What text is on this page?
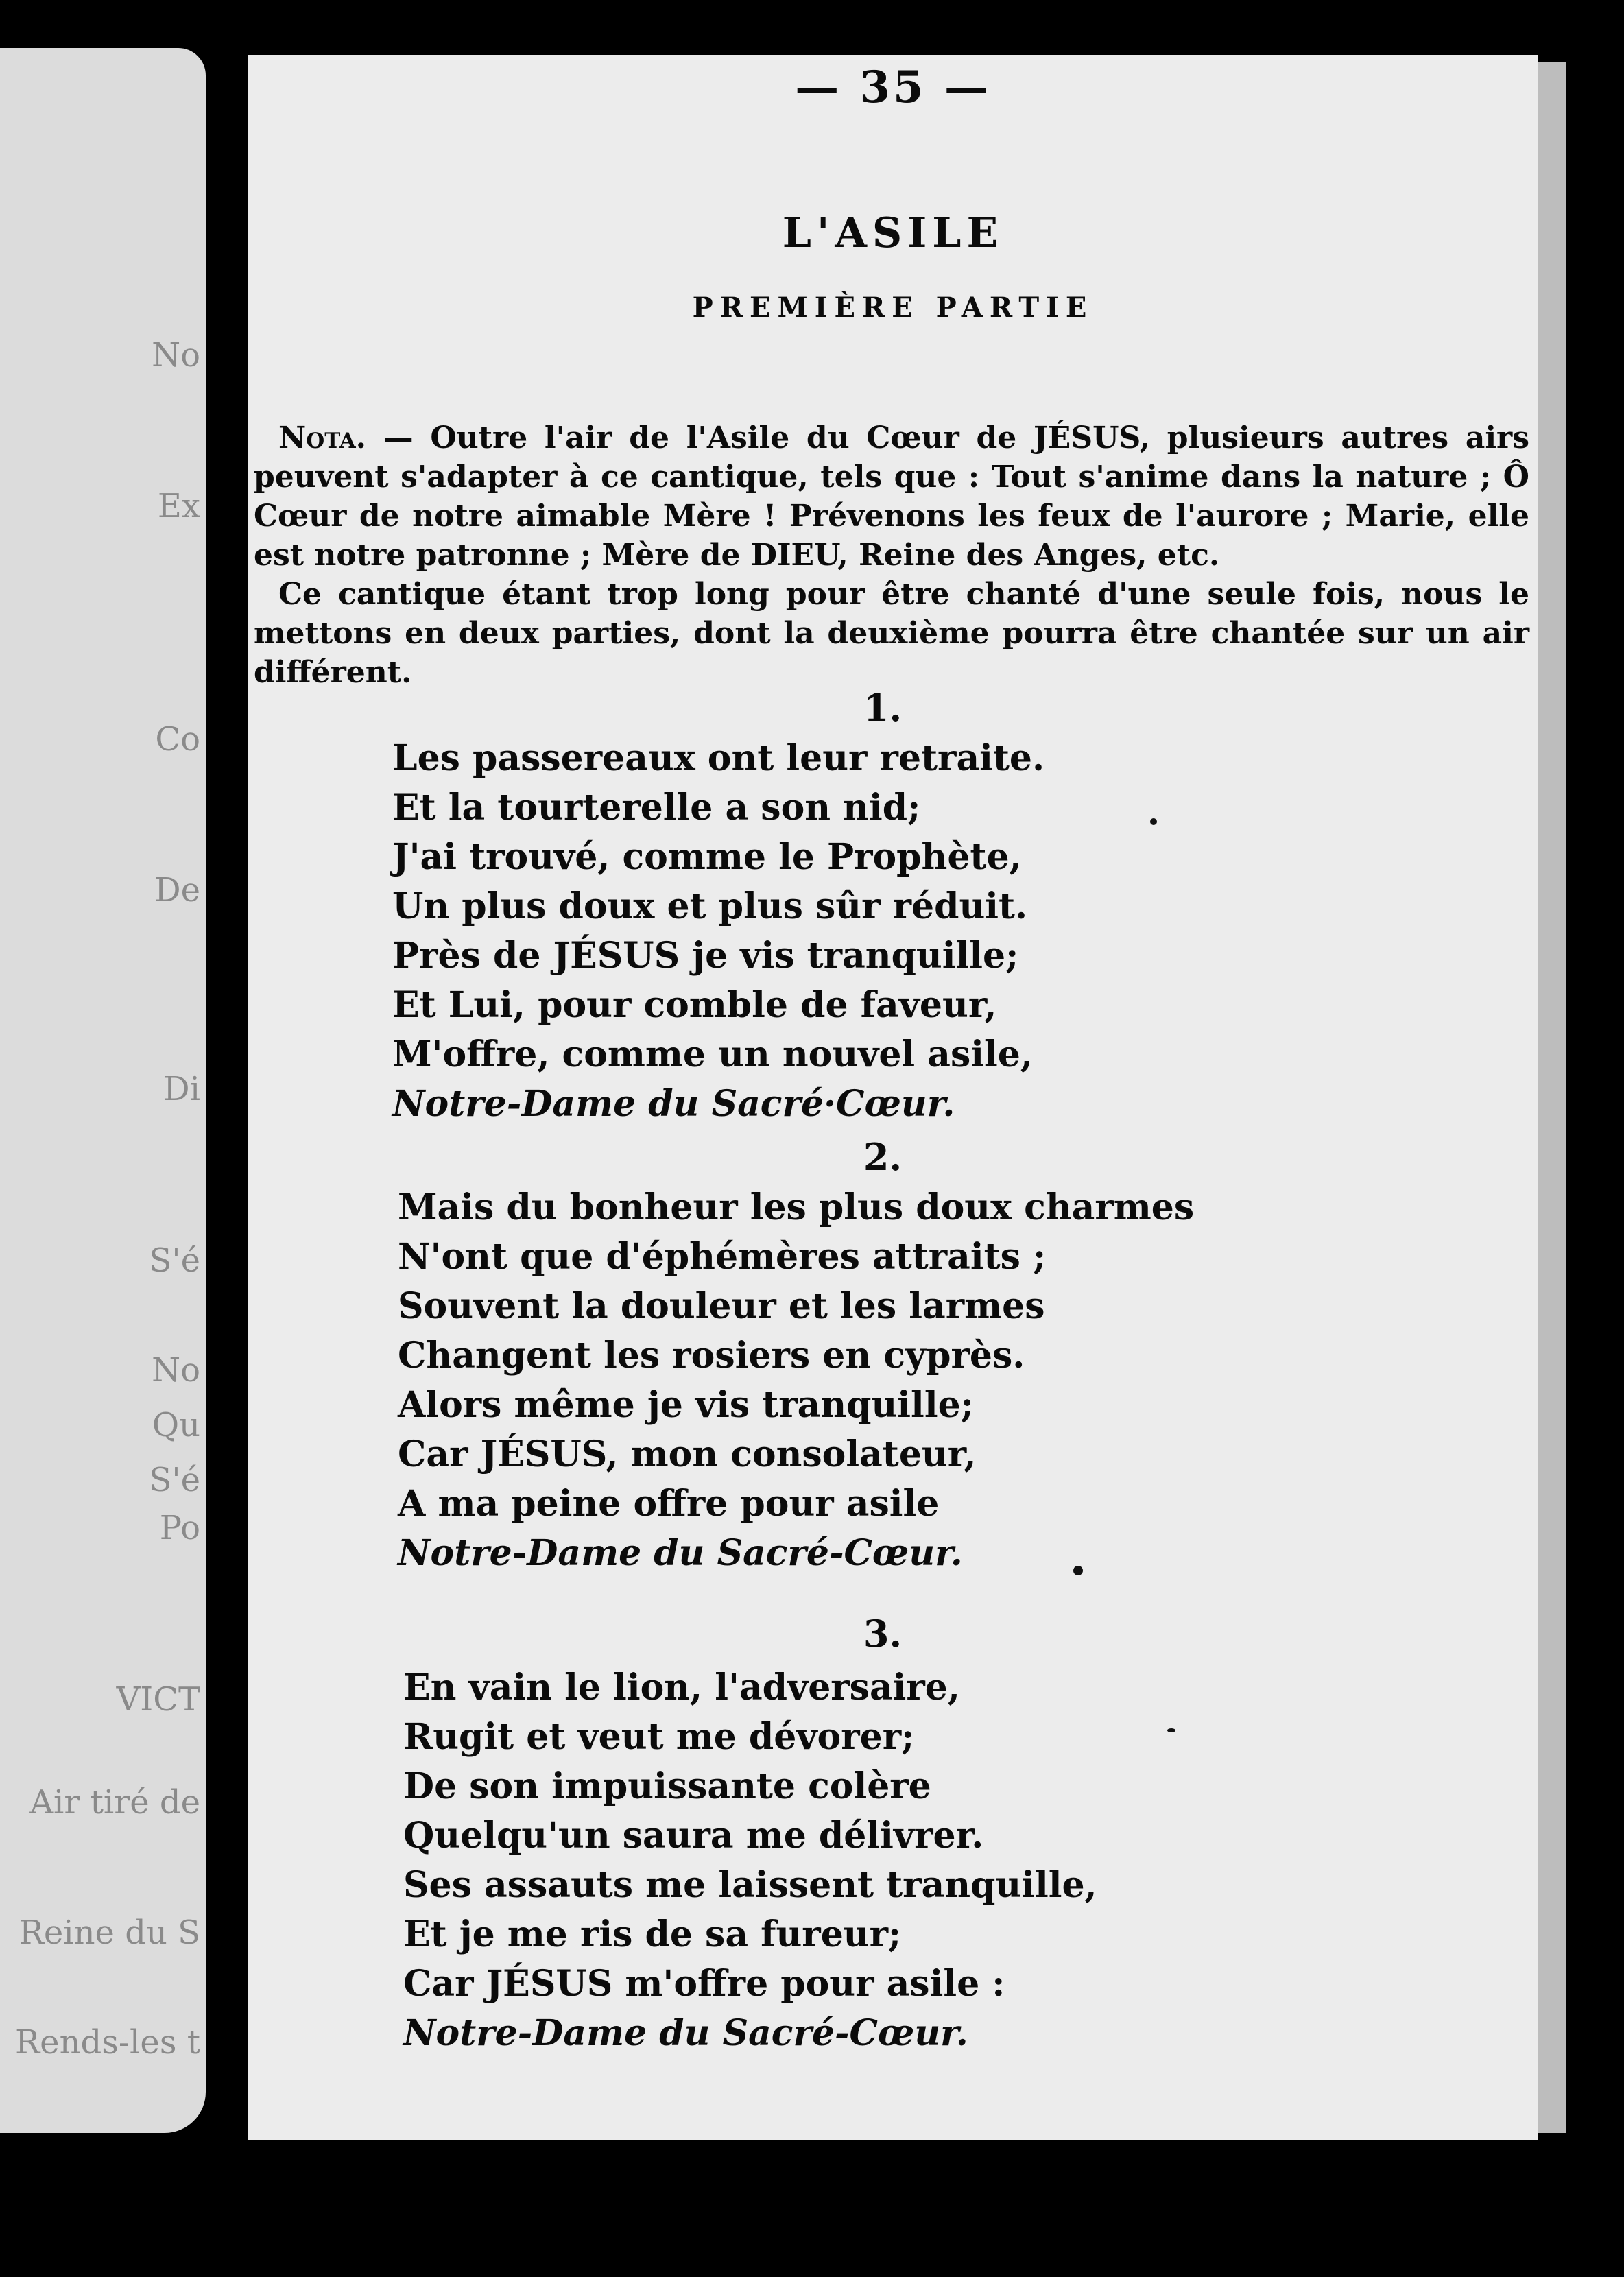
No
Ex
Co
De
Di
S'é
No
Qu
S'é
Po
VICT
Air tiré de
Reine du S
Rends-les t
— 35 —
L'ASILE
PREMIÈRE PARTIE

Nota. — Outre l'air de l'Asile du Cœur de JÉSUS, plusieurs autres airs peuvent s'adapter à ce cantique, tels que : Tout s'anime dans la nature ; Ô Cœur de notre aimable Mère ! Prévenons les feux de l'aurore ; Marie, elle est notre patronne ; Mère de DIEU, Reine des Anges, etc.

Ce cantique étant trop long pour être chanté d'une seule fois, nous le mettons en deux parties, dont la deuxième pourra être chantée sur un air différent.

1.
Les passereaux ont leur retraite.
Et la tourterelle a son nid;
J'ai trouvé, comme le Prophète,
Un plus doux et plus sûr réduit.
Près de JÉSUS je vis tranquille;
Et Lui, pour comble de faveur,
M'offre, comme un nouvel asile,
Notre-Dame du Sacré·Cœur.
2.
Mais du bonheur les plus doux charmes
N'ont que d'éphémères attraits ;
Souvent la douleur et les larmes
Changent les rosiers en cyprès.
Alors même je vis tranquille;
Car JÉSUS, mon consolateur,
A ma peine offre pour asile
Notre-Dame du Sacré-Cœur.
3.
En vain le lion, l'adversaire,
Rugit et veut me dévorer;
De son impuissante colère
Quelqu'un saura me délivrer.
Ses assauts me laissent tranquille,
Et je me ris de sa fureur;
Car JÉSUS m'offre pour asile :
Notre-Dame du Sacré-Cœur.
